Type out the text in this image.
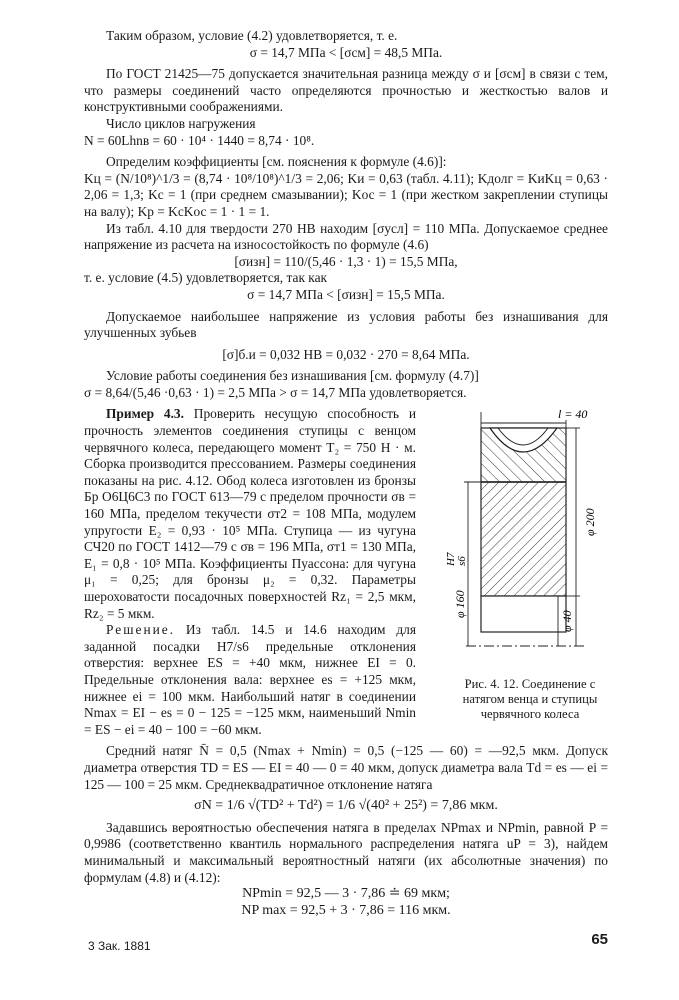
Таким образом, условие (4.2) удовлетворяется, т. е.

σ = 14,7 МПа < [σсм] = 48,5 МПа.

По ГОСТ 21425—75 допускается значительная разница между σ и [σсм] в связи с тем, что размеры соединений часто определяются прочностью и жесткостью валов и конструктивными соображениями.

Число циклов нагружения

N = 60Lhnв = 60 · 10⁴ · 1440 = 8,74 · 10⁸.

Определим коэффициенты [см. пояснения к формуле (4.6)]:

Kц = (N/10⁸)^1/3 = (8,74 · 10⁸/10⁸)^1/3 = 2,06; Kи = 0,63 (табл. 4.11); Kдолг = KиKц = 0,63 · 2,06 = 1,3; Kс = 1 (при среднем смазывании); Kос = 1 (при жестком закреплении ступицы на валу); Kр = KсKос = 1 · 1 = 1.

Из табл. 4.10 для твердости 270 НВ находим [σусл] = 110 МПа. Допускаемое среднее напряжение из расчета на износостойкость по формуле (4.6)

[σизн] = 110/(5,46 · 1,3 · 1) = 15,5 МПа,

т. е. условие (4.5) удовлетворяется, так как

σ = 14,7 МПа < [σизн] = 15,5 МПа.

Допускаемое наибольшее напряжение из условия работы без изнашивания для улучшенных зубьев

[σ]б.и = 0,032 НВ = 0,032 · 270 = 8,64 МПа.

Условие работы соединения без изнашивания [см. формулу (4.7)]

σ = 8,64/(5,46 ·0,63 · 1) = 2,5 МПа > σ = 14,7 МПа удовлетворяется.

Пример 4.3. Проверить несущую способность и прочность элементов соединения ступицы с венцом червячного колеса, передающего момент T₂ = 750 Н · м. Сборка производится прессованием. Размеры соединения показаны на рис. 4.12. Обод колеса изготовлен из бронзы Бр О6Ц6С3 по ГОСТ 613—79 с пределом прочности σв = 160 МПа, пределом текучести σт2 = 108 МПа, модулем упругости E₂ = 0,93 · 10⁵ МПа. Ступица — из чугуна СЧ20 по ГОСТ 1412—79 с σв = 196 МПа, σт1 = 130 МПа, E₁ = 0,8 · 10⁵ МПа. Коэффициенты Пуассона: для чугуна μ₁ = 0,25; для бронзы μ₂ = 0,32. Параметры шероховатости посадочных поверхностей Rz₁ = 2,5 мкм, Rz₂ = 5 мкм.

Решение. Из табл. 14.5 и 14.6 находим для заданной посадки H7/s6 предельные отклонения отверстия: верхнее ES = +40 мкм, нижнее EI = 0. Предельные отклонения вала: верхнее es = +125 мкм, нижнее ei = 100 мкм. Наибольший натяг в соединении Nmax = EI − es = 0 − 125 = −125 мкм, наименьший Nmin = ES − ei = 40 − 100 = −60 мкм.

l = 40
φ 200
φ 40
φ 160
H7 s6

Рис. 4. 12. Соединение с натягом венца и ступицы червячного колеса

Средний натяг N̄ = 0,5 (Nmax + Nmin) = 0,5 (−125 — 60) = —92,5 мкм. Допуск диаметра отверстия TD = ES — EI = 40 — 0 = 40 мкм, допуск диаметра вала Td = es — ei = 125 — 100 = 25 мкм. Среднеквадратичное отклонение натяга

σN = 1/6 √(TD² + Td²) = 1/6 √(40² + 25²) = 7,86 мкм.

Задавшись вероятностью обеспечения натяга в пределах NPmax и NPmin, равной P = 0,9986 (соответственно квантиль нормального распределения натяга uP = 3), найдем минимальный и максимальный вероятностный натяги (их абсолютные значения) по формулам (4.8) и (4.12):

NPmin = 92,5 — 3 · 7,86 ≐ 69 мкм;

NP max = 92,5 + 3 · 7,86 = 116 мкм.

3 Зак. 1881	65
